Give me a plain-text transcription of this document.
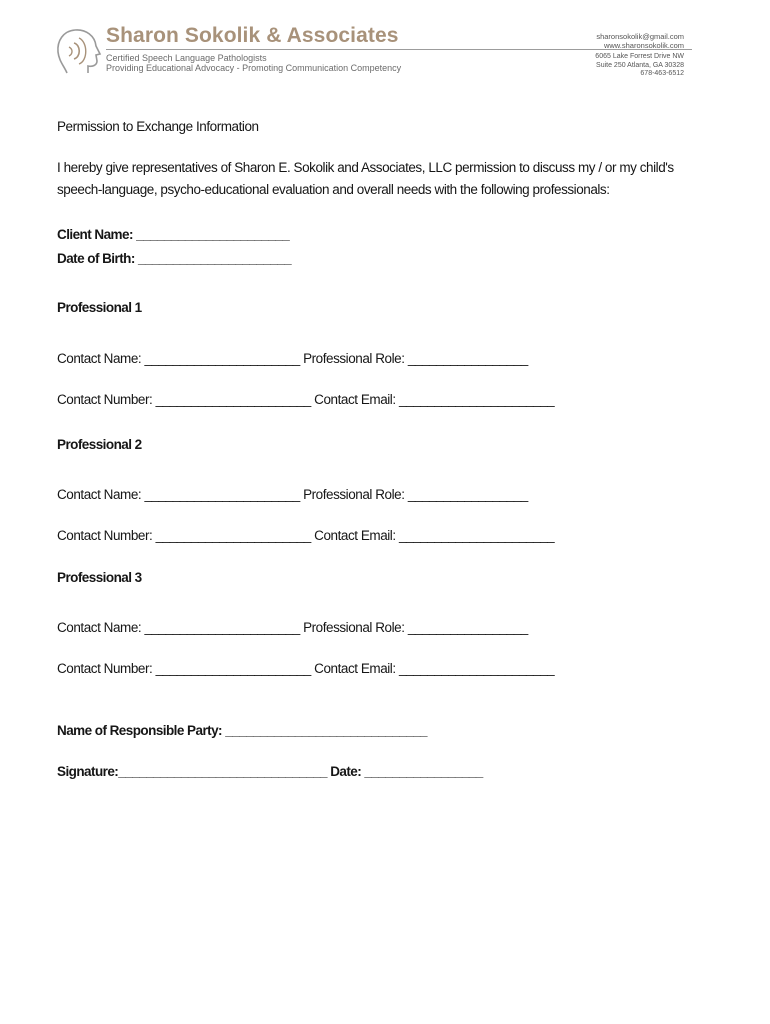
Sharon Sokolik & Associates
Certified Speech Language Pathologists
Providing Educational Advocacy - Promoting Communication Competency
sharonsokolik@gmail.com
www.sharonsokolik.com
6065 Lake Forrest Drive NW
Suite 250 Atlanta, GA 30328
678-463-6512
Permission to Exchange Information
I hereby give representatives of Sharon E. Sokolik and Associates, LLC permission to discuss my / or my child's
speech-language, psycho-educational evaluation and overall needs with the following professionals:
Client Name: ______________________
Date of Birth: ______________________
Professional 1
Contact Name: ______________________ Professional Role: _________________
Contact Number: ______________________ Contact Email: ______________________
Professional 2
Contact Name: ______________________ Professional Role: _________________
Contact Number: ______________________ Contact Email: ______________________
Professional 3
Contact Name: ______________________ Professional Role: _________________
Contact Number: ______________________ Contact Email: ______________________
Name of Responsible Party: _____________________________
Signature:______________________________ Date: _________________
